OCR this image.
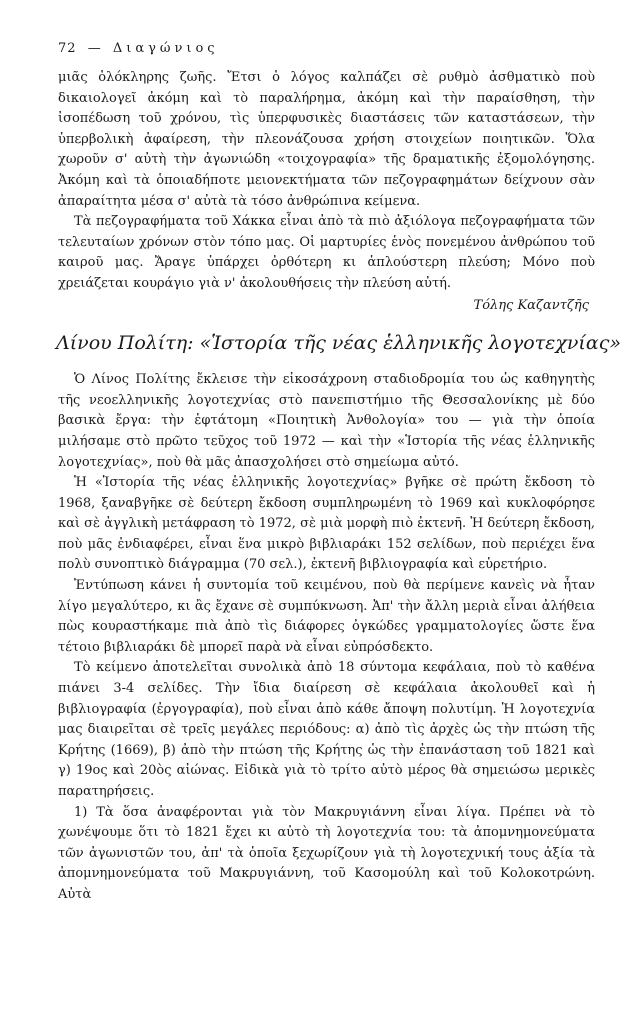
72 — Διαγώνιος

μιᾶς ὁλόκληρης ζωῆς. Ἔτσι ὁ λόγος καλπάζει σὲ ρυθμὸ ἀσθματικὸ ποὺ δικαιολογεῖ ἀκόμη καὶ τὸ παραλήρημα, ἀκόμη καὶ τὴν παραίσθηση, τὴν ἰσοπέδωση τοῦ χρόνου, τὶς ὑπερφυσικὲς διαστάσεις τῶν καταστάσεων, τὴν ὑπερβολικὴ ἀφαίρεση, τὴν πλεονάζουσα χρήση στοιχείων ποιητικῶν. Ὅλα χωροῦν σ' αὐτὴ τὴν ἀγωνιώδη «τοιχογραφία» τῆς δραματικῆς ἐξομολόγησης. Ἀκόμη καὶ τὰ ὁποιαδήποτε μειονεκτήματα τῶν πεζογραφημάτων δείχνουν σὰν ἀπαραίτητα μέσα σ' αὐτὰ τὰ τόσο ἀνθρώπινα κείμενα.

Τὰ πεζογραφήματα τοῦ Χάκκα εἶναι ἀπὸ τὰ πιὸ ἀξιόλογα πεζογραφήματα τῶν τελευταίων χρόνων στὸν τόπο μας. Οἱ μαρτυρίες ἑνὸς πονεμένου ἀνθρώπου τοῦ καιροῦ μας. Ἄραγε ὑπάρχει ὀρθότερη κι ἁπλούστερη πλεύση; Μόνο ποὺ χρειάζεται κουράγιο γιὰ ν' ἀκολουθήσεις τὴν πλεύση αὐτή.

Τόλης Καζαντζῆς
Λίνου Πολίτη: «Ἱστορία τῆς νέας ἑλληνικῆς λογοτεχνίας»

Ὁ Λίνος Πολίτης ἔκλεισε τὴν εἰκοσάχρονη σταδιοδρομία του ὡς καθηγητὴς τῆς νεοελληνικῆς λογοτεχνίας στὸ πανεπιστήμιο τῆς Θεσσαλονίκης μὲ δύο βασικὰ ἔργα: τὴν ἑφτάτομη «Ποιητικὴ Ἀνθολογία» του — γιὰ τὴν ὁποία μιλήσαμε στὸ πρῶτο τεῦχος τοῦ 1972 — καὶ τὴν «Ἱστορία τῆς νέας ἑλληνικῆς λογοτεχνίας», ποὺ θὰ μᾶς ἀπασχολήσει στὸ σημείωμα αὐτό.

Ἡ «Ἱστορία τῆς νέας ἑλληνικῆς λογοτεχνίας» βγῆκε σὲ πρώτη ἔκδοση τὸ 1968, ξαναβγῆκε σὲ δεύτερη ἔκδοση συμπληρωμένη τὸ 1969 καὶ κυκλοφόρησε καὶ σὲ ἀγγλικὴ μετάφραση τὸ 1972, σὲ μιὰ μορφὴ πιὸ ἐκτενῆ. Ἡ δεύτερη ἔκδοση, ποὺ μᾶς ἐνδιαφέρει, εἶναι ἕνα μικρὸ βιβλιαράκι 152 σελίδων, ποὺ περιέχει ἕνα πολὺ συνοπτικὸ διάγραμμα (70 σελ.), ἐκτενῆ βιβλιογραφία καὶ εὑρετήριο.

Ἐντύπωση κάνει ἡ συντομία τοῦ κειμένου, ποὺ θὰ περίμενε κανεὶς νὰ ἦταν λίγο μεγαλύτερο, κι ἂς ἔχανε σὲ συμπύκνωση. Ἀπ' τὴν ἄλλη μεριὰ εἶναι ἀλήθεια πὼς κουραστήκαμε πιὰ ἀπὸ τὶς διάφορες ὀγκώδες γραμματολογίες ὥστε ἕνα τέτοιο βιβλιαράκι δὲ μπορεῖ παρὰ νὰ εἶναι εὐπρόσδεκτο.

Τὸ κείμενο ἀποτελεῖται συνολικὰ ἀπὸ 18 σύντομα κεφάλαια, ποὺ τὸ καθένα πιάνει 3-4 σελίδες. Τὴν ἴδια διαίρεση σὲ κεφάλαια ἀκολουθεῖ καὶ ἡ βιβλιογραφία (ἐργογραφία), ποὺ εἶναι ἀπὸ κάθε ἄποψη πολυτίμη. Ἡ λογοτεχνία μας διαιρεῖται σὲ τρεῖς μεγάλες περιόδους: α) ἀπὸ τὶς ἀρχὲς ὡς τὴν πτώση τῆς Κρήτης (1669), β) ἀπὸ τὴν πτώση τῆς Κρήτης ὡς τὴν ἐπανάσταση τοῦ 1821 καὶ γ) 19ος καὶ 20ὸς αἰώνας. Εἰδικὰ γιὰ τὸ τρίτο αὐτὸ μέρος θὰ σημειώσω μερικὲς παρατηρήσεις.

1) Τὰ ὅσα ἀναφέρονται γιὰ τὸν Μακρυγιάννη εἶναι λίγα. Πρέπει νὰ τὸ χωνέψουμε ὅτι τὸ 1821 ἔχει κι αὐτὸ τὴ λογοτεχνία του: τὰ ἀπομνημονεύματα τῶν ἀγωνιστῶν του, ἀπ' τὰ ὁποῖα ξεχωρίζουν γιὰ τὴ λογοτεχνική τους ἀξία τὰ ἀπομνημονεύματα τοῦ Μακρυγιάννη, τοῦ Κασομούλη καὶ τοῦ Κολοκοτρώνη. Αὐτὰ
